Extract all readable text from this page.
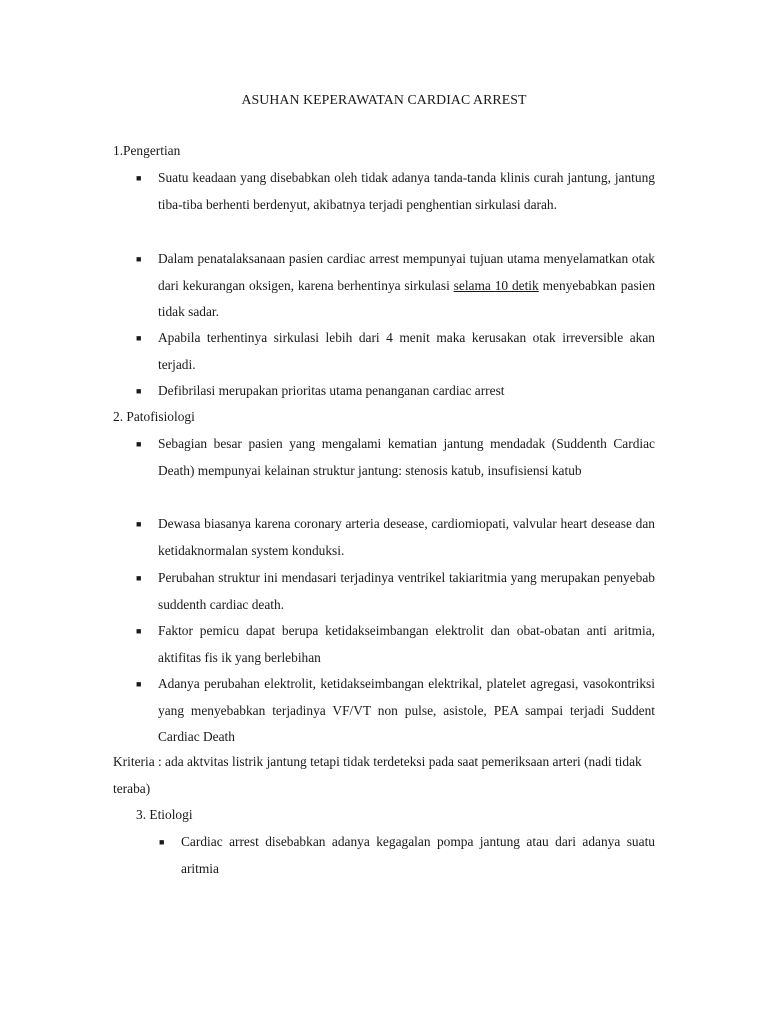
ASUHAN KEPERAWATAN CARDIAC ARREST
1.Pengertian
■ Suatu keadaan yang disebabkan oleh tidak adanya tanda-tanda klinis curah jantung, jantung tiba-tiba berhenti berdenyut, akibatnya terjadi penghentian sirkulasi darah.
■ Dalam penatalaksanaan pasien cardiac arrest mempunyai tujuan utama menyelamatkan otak dari kekurangan oksigen, karena berhentinya sirkulasi selama 10 detik menyebabkan pasien tidak sadar.
■ Apabila terhentinya sirkulasi lebih dari 4 menit maka kerusakan otak irreversible akan terjadi.
■ Defibrilasi merupakan prioritas utama penanganan cardiac arrest
2. Patofisiologi
■ Sebagian besar pasien yang mengalami kematian jantung mendadak (Suddenth Cardiac Death) mempunyai kelainan struktur jantung: stenosis katub, insufisiensi katub
■ Dewasa biasanya karena coronary arteria desease, cardiomiopati, valvular heart desease dan ketidaknormalan system konduksi.
■ Perubahan struktur ini mendasari terjadinya ventrikel takiaritmia yang merupakan penyebab suddenth cardiac death.
■ Faktor pemicu dapat berupa ketidakseimbangan elektrolit dan obat-obatan anti aritmia, aktifitas fis ik yang berlebihan
■ Adanya perubahan elektrolit, ketidakseimbangan elektrikal, platelet agregasi, vasokontriksi yang menyebabkan terjadinya VF/VT non pulse, asistole, PEA sampai terjadi Suddent Cardiac Death
Kriteria : ada aktvitas listrik jantung tetapi tidak terdeteksi pada saat pemeriksaan arteri (nadi tidak teraba)
3. Etiologi
■ Cardiac arrest disebabkan adanya kegagalan pompa jantung atau dari adanya suatu aritmia
